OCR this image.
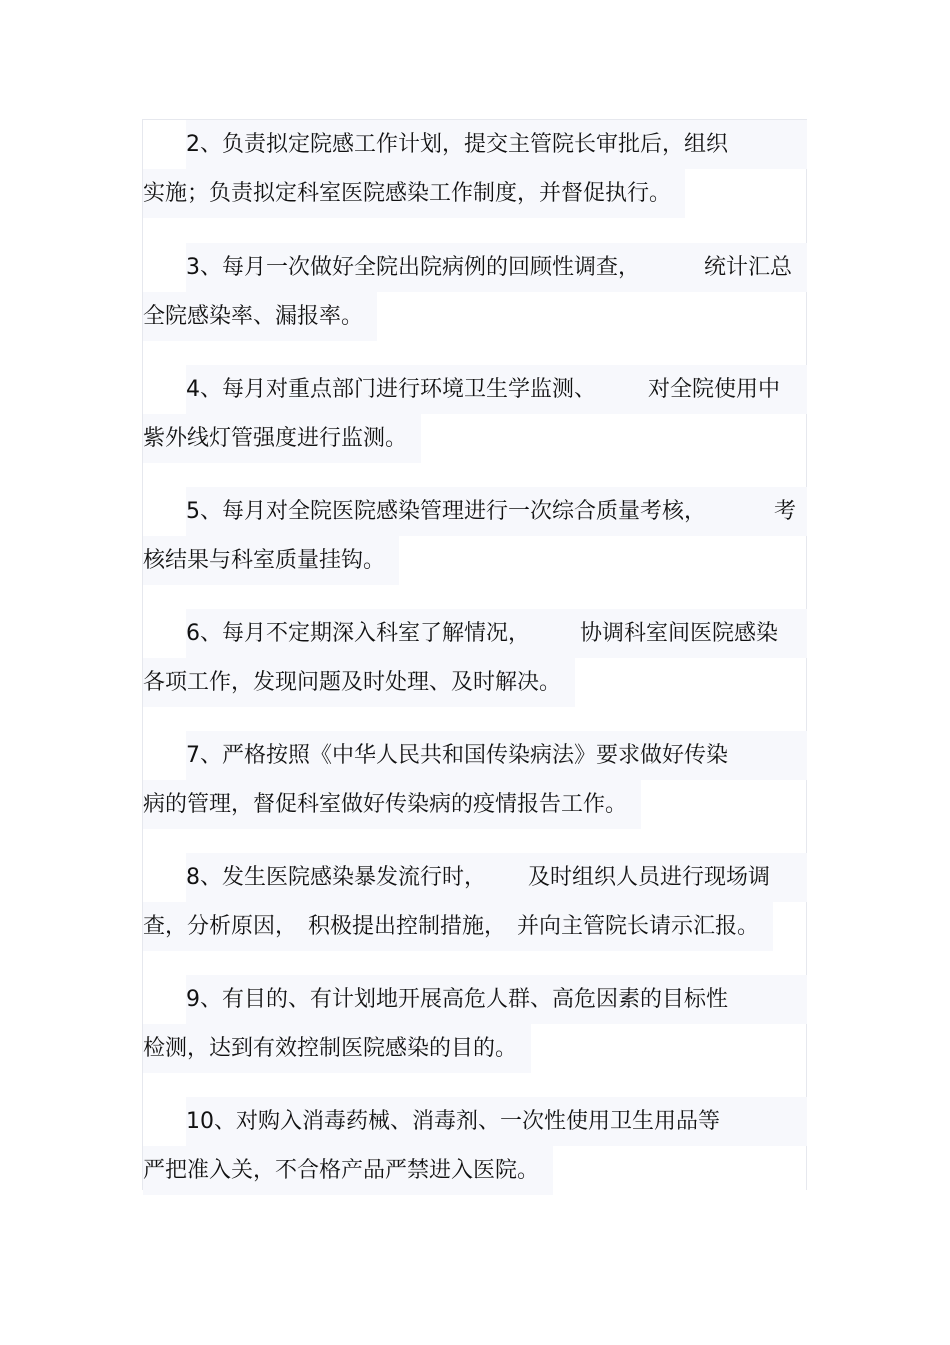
2、负责拟定院感工作计划，提交主管院长审批后，组织
实施；负责拟定科室医院感染工作制度，并督促执行。
3、每月一次做好全院出院病例的回顾性调查，	统计汇总
全院感染率、漏报率。
4、每月对重点部门进行环境卫生学监测、 对全院使用中
紫外线灯管强度进行监测。
5、每月对全院医院感染管理进行一次综合质量考核，	考
核结果与科室质量挂钩。
6、每月不定期深入科室了解情况， 协调科室间医院感染
各项工作，发现问题及时处理、及时解决。
7、严格按照《中华人民共和国传染病法》要求做好传染
病的管理，督促科室做好传染病的疫情报告工作。
8、发生医院感染暴发流行时， 及时组织人员进行现场调
查，分析原因，　积极提出控制措施，　并向主管院长请示汇报。
9、有目的、有计划地开展高危人群、高危因素的目标性
检测，达到有效控制医院感染的目的。
10、对购入消毒药械、消毒剂、一次性使用卫生用品等
严把准入关，不合格产品严禁进入医院。
